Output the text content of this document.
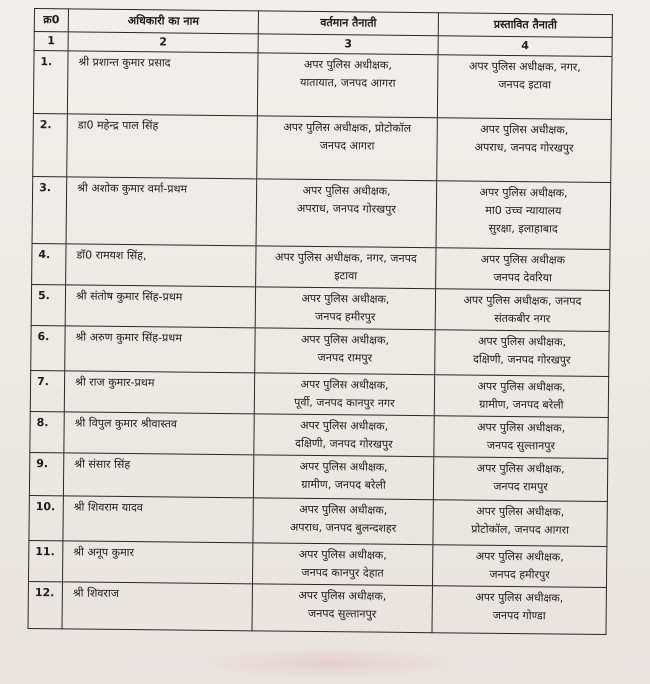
क्र0	अधिकारी का नाम	वर्तमान तैनाती	प्रस्तावित तैनाती
1	2	3	4
1.	श्री प्रशान्त कुमार प्रसाद	अपर पुलिस अधीक्षक,
यातायात, जनपद आगरा	अपर पुलिस अधीक्षक, नगर,
जनपद इटावा

2.	डा0 महेन्द्र पाल सिंह	अपर पुलिस अधीक्षक, प्रोटोकॉल
जनपद आगरा	अपर पुलिस अधीक्षक,
अपराध, जनपद गोरखपुर

3.	श्री अशोक कुमार वर्मा-प्रथम	अपर पुलिस अधीक्षक,
अपराध, जनपद गोरखपुर	अपर पुलिस अधीक्षक,
मा0 उच्च न्यायालय
सुरक्षा, इलाहाबाद

4.	डॉ0 रामयश सिंह,	अपर पुलिस अधीक्षक, नगर, जनपद
इटावा	अपर पुलिस अधीक्षक
जनपद देवरिया

5.	श्री संतोष कुमार सिंह-प्रथम	अपर पुलिस अधीक्षक,
जनपद हमीरपुर	अपर पुलिस अधीक्षक, जनपद
संतकबीर नगर

6.	श्री अरुण कुमार सिंह-प्रथम	अपर पुलिस अधीक्षक,
जनपद रामपुर	अपर पुलिस अधीक्षक,
दक्षिणी, जनपद गोरखपुर

7.	श्री राज कुमार-प्रथम	अपर पुलिस अधीक्षक,
पूर्वी, जनपद कानपुर नगर	अपर पुलिस अधीक्षक,
ग्रामीण, जनपद बरेली

8.	श्री विपुल कुमार श्रीवास्तव	अपर पुलिस अधीक्षक,
दक्षिणी, जनपद गोरखपुर	अपर पुलिस अधीक्षक,
जनपद सुल्तानपुर

9.	श्री संसार सिंह	अपर पुलिस अधीक्षक,
ग्रामीण, जनपद बरेली	अपर पुलिस अधीक्षक,
जनपद रामपुर

10.	श्री शिवराम यादव	अपर पुलिस अधीक्षक,
अपराध, जनपद बुलन्दशहर	अपर पुलिस अधीक्षक,
प्रोटोकॉल, जनपद आगरा

11.	श्री अनूप कुमार	अपर पुलिस अधीक्षक,
जनपद कानपुर देहात	अपर पुलिस अधीक्षक,
जनपद हमीरपुर

12.	श्री शिवराज	अपर पुलिस अधीक्षक,
जनपद सुल्तानपुर	अपर पुलिस अधीक्षक,
जनपद गोण्डा
